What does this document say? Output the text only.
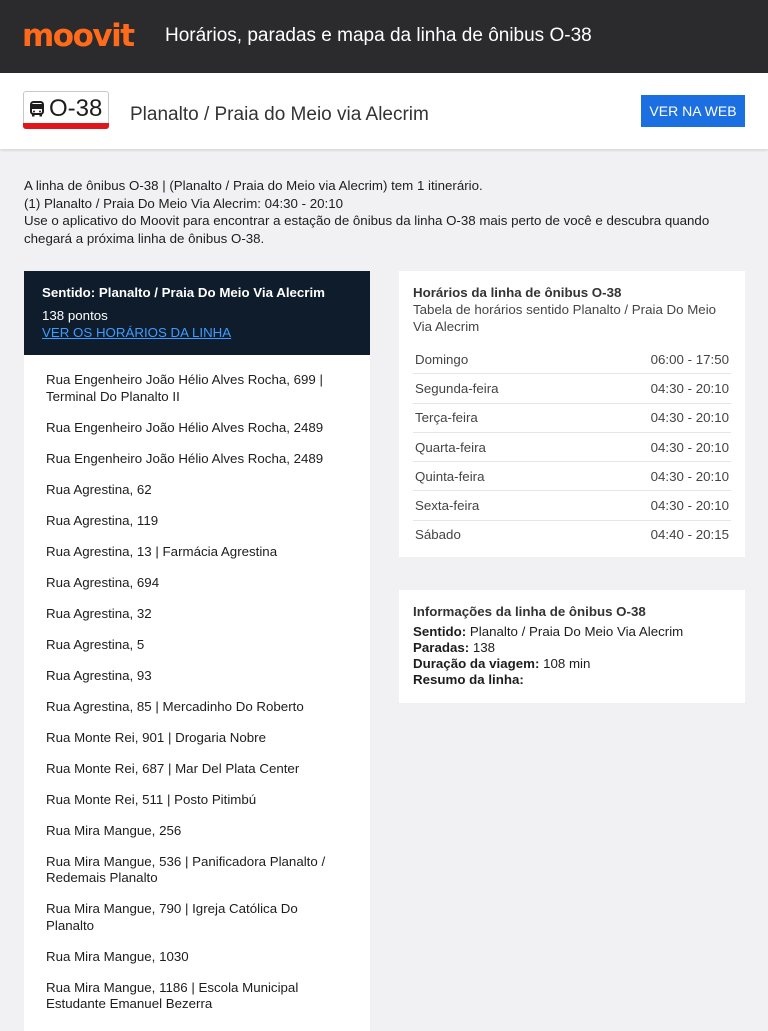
moovit Horários, paradas e mapa da linha de ônibus O-38
O-38 Planalto / Praia do Meio via Alecrim	VER NA WEB

A linha de ônibus O-38 | (Planalto / Praia do Meio via Alecrim) tem 1 itinerário.

(1) Planalto / Praia Do Meio Via Alecrim: 04:30 - 20:10

Use o aplicativo do Moovit para encontrar a estação de ônibus da linha O-38 mais perto de você e descubra quando chegará a próxima linha de ônibus O-38.

Sentido: Planalto / Praia Do Meio Via Alecrim
138 pontos
VER OS HORÁRIOS DA LINHA
Rua Engenheiro João Hélio Alves Rocha, 699 | Terminal Do Planalto II
Rua Engenheiro João Hélio Alves Rocha, 2489
Rua Engenheiro João Hélio Alves Rocha, 2489
Rua Agrestina, 62
Rua Agrestina, 119
Rua Agrestina, 13 | Farmácia Agrestina
Rua Agrestina, 694
Rua Agrestina, 32
Rua Agrestina, 5
Rua Agrestina, 93
Rua Agrestina, 85 | Mercadinho Do Roberto
Rua Monte Rei, 901 | Drogaria Nobre
Rua Monte Rei, 687 | Mar Del Plata Center
Rua Monte Rei, 511 | Posto Pitimbú
Rua Mira Mangue, 256
Rua Mira Mangue, 536 | Panificadora Planalto / Redemais Planalto
Rua Mira Mangue, 790 | Igreja Católica Do Planalto
Rua Mira Mangue, 1030
Rua Mira Mangue, 1186 | Escola Municipal Estudante Emanuel Bezerra
Horários da linha de ônibus O-38
Tabela de horários sentido Planalto / Praia Do Meio Via Alecrim
Domingo	06:00 - 17:50
Segunda-feira	04:30 - 20:10
Terça-feira	04:30 - 20:10
Quarta-feira	04:30 - 20:10
Quinta-feira	04:30 - 20:10
Sexta-feira	04:30 - 20:10
Sábado	04:40 - 20:15
Informações da linha de ônibus O-38
Sentido: Planalto / Praia Do Meio Via Alecrim
Paradas: 138
Duração da viagem: 108 min
Resumo da linha:
